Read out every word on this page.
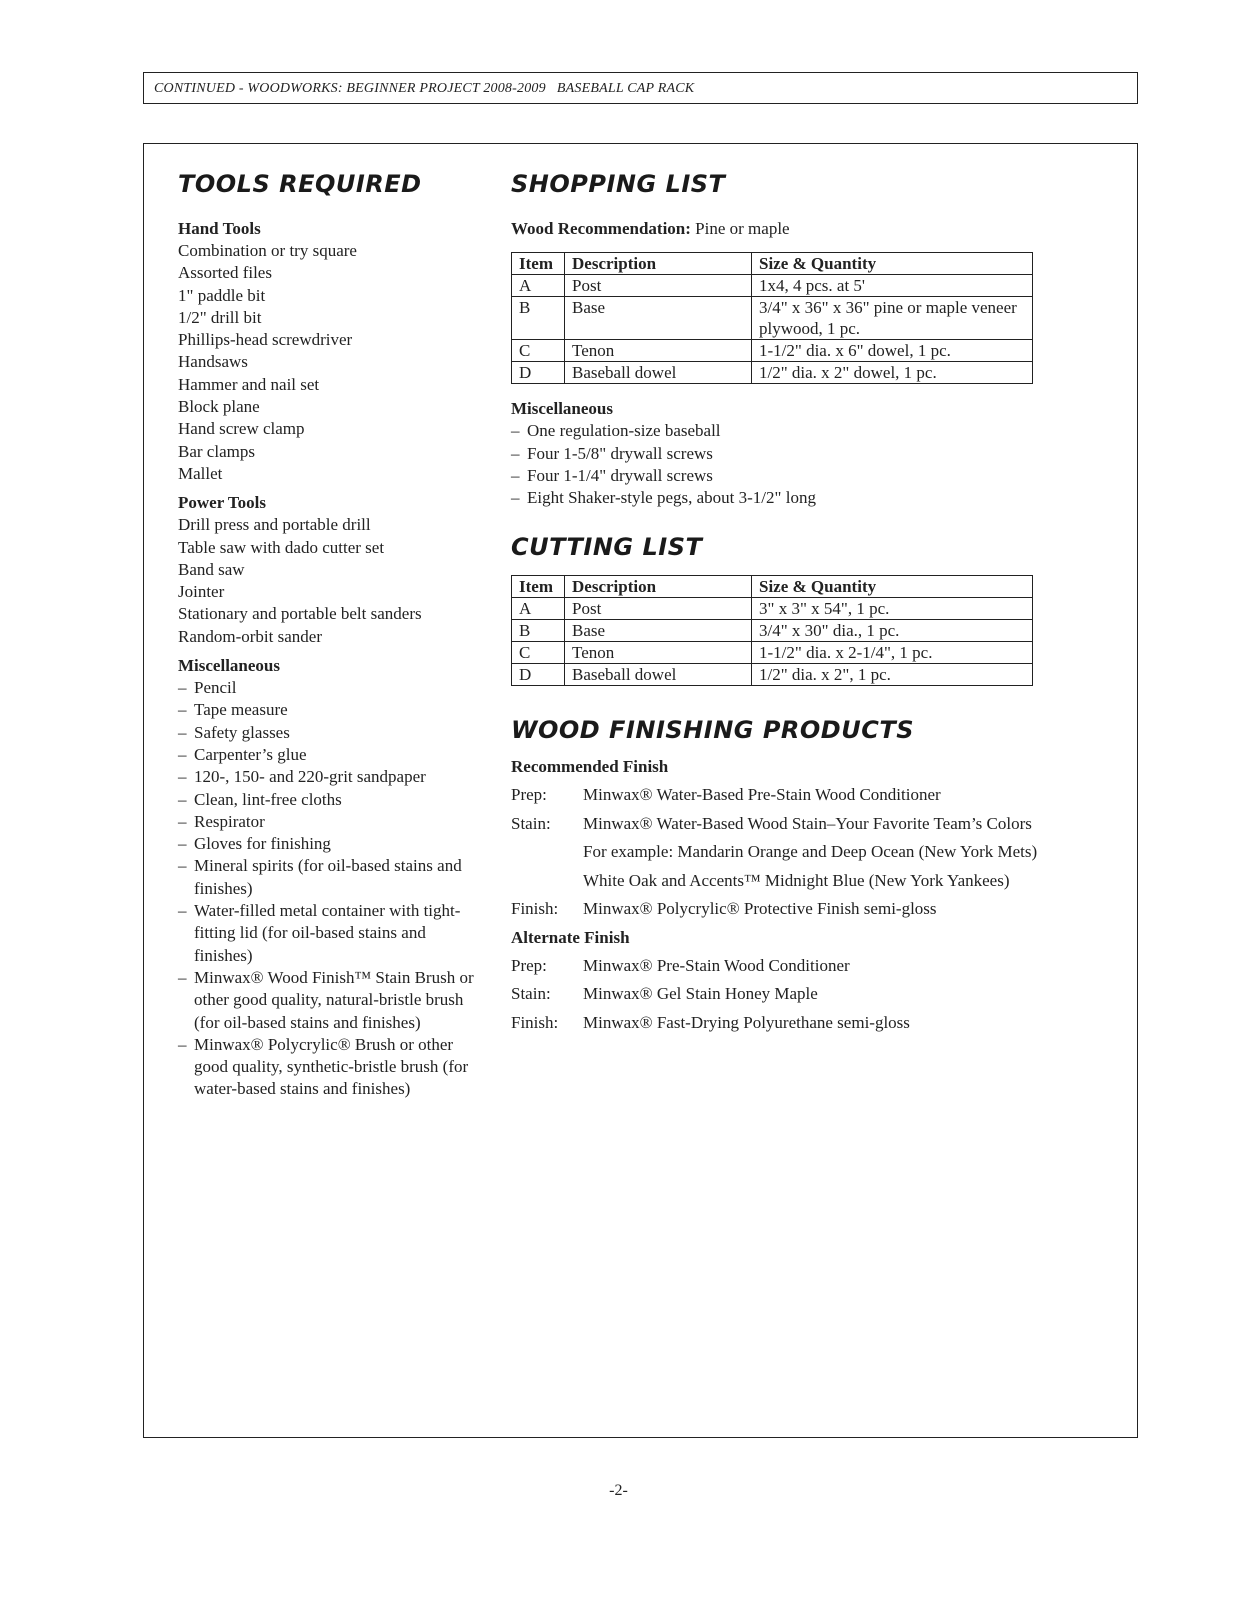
CONTINUED - WOODWORKS: BEGINNER PROJECT 2008-2009   BASEBALL CAP RACK
TOOLS REQUIRED

Hand Tools

Combination or try square

Assorted files

1" paddle bit

1/2" drill bit

Phillips-head screwdriver

Handsaws

Hammer and nail set

Block plane

Hand screw clamp

Bar clamps

Mallet

Power Tools

Drill press and portable drill

Table saw with dado cutter set

Band saw

Jointer

Stationary and portable belt sanders

Random-orbit sander

Miscellaneous

– Pencil

– Tape measure

– Safety glasses

– Carpenter’s glue

– 120-, 150- and 220-grit sandpaper

– Clean, lint-free cloths

– Respirator

– Gloves for finishing

– Mineral spirits (for oil-based stains and finishes)

– Water-filled metal container with tight-fitting lid (for oil-based stains and finishes)

– Minwax® Wood Finish™ Stain Brush or other good quality, natural-bristle brush (for oil-based stains and finishes)

– Minwax® Polycrylic® Brush or other good quality, synthetic-bristle brush (for water-based stains and finishes)

SHOPPING LIST

Wood Recommendation: Pine or maple

Item	Description	Size & Quantity
A	Post	1x4, 4 pcs. at 5'
B	Base	3/4" x 36" x 36" pine or maple veneer plywood, 1 pc.
C	Tenon	1-1/2" dia. x 6" dowel, 1 pc.
D	Baseball dowel	1/2" dia. x 2" dowel, 1 pc.

Miscellaneous

– One regulation-size baseball

– Four 1-5/8" drywall screws

– Four 1-1/4" drywall screws

– Eight Shaker-style pegs, about 3-1/2" long

CUTTING LIST
Item	Description	Size & Quantity
A	Post	3" x 3" x 54", 1 pc.
B	Base	3/4" x 30" dia., 1 pc.
C	Tenon	1-1/2" dia. x 2-1/4", 1 pc.
D	Baseball dowel	1/2" dia. x 2", 1 pc.
WOOD FINISHING PRODUCTS

Recommended Finish

Prep:	Minwax® Water-Based Pre-Stain Wood Conditioner
Stain:	Minwax® Water-Based Wood Stain–Your Favorite Team’s Colors
For example: Mandarin Orange and Deep Ocean (New York Mets)
White Oak and Accents™ Midnight Blue (New York Yankees)
Finish:	Minwax® Polycrylic® Protective Finish semi-gloss

Alternate Finish

Prep:	Minwax® Pre-Stain Wood Conditioner
Stain:	Minwax® Gel Stain Honey Maple
Finish:	Minwax® Fast-Drying Polyurethane semi-gloss
-2-
